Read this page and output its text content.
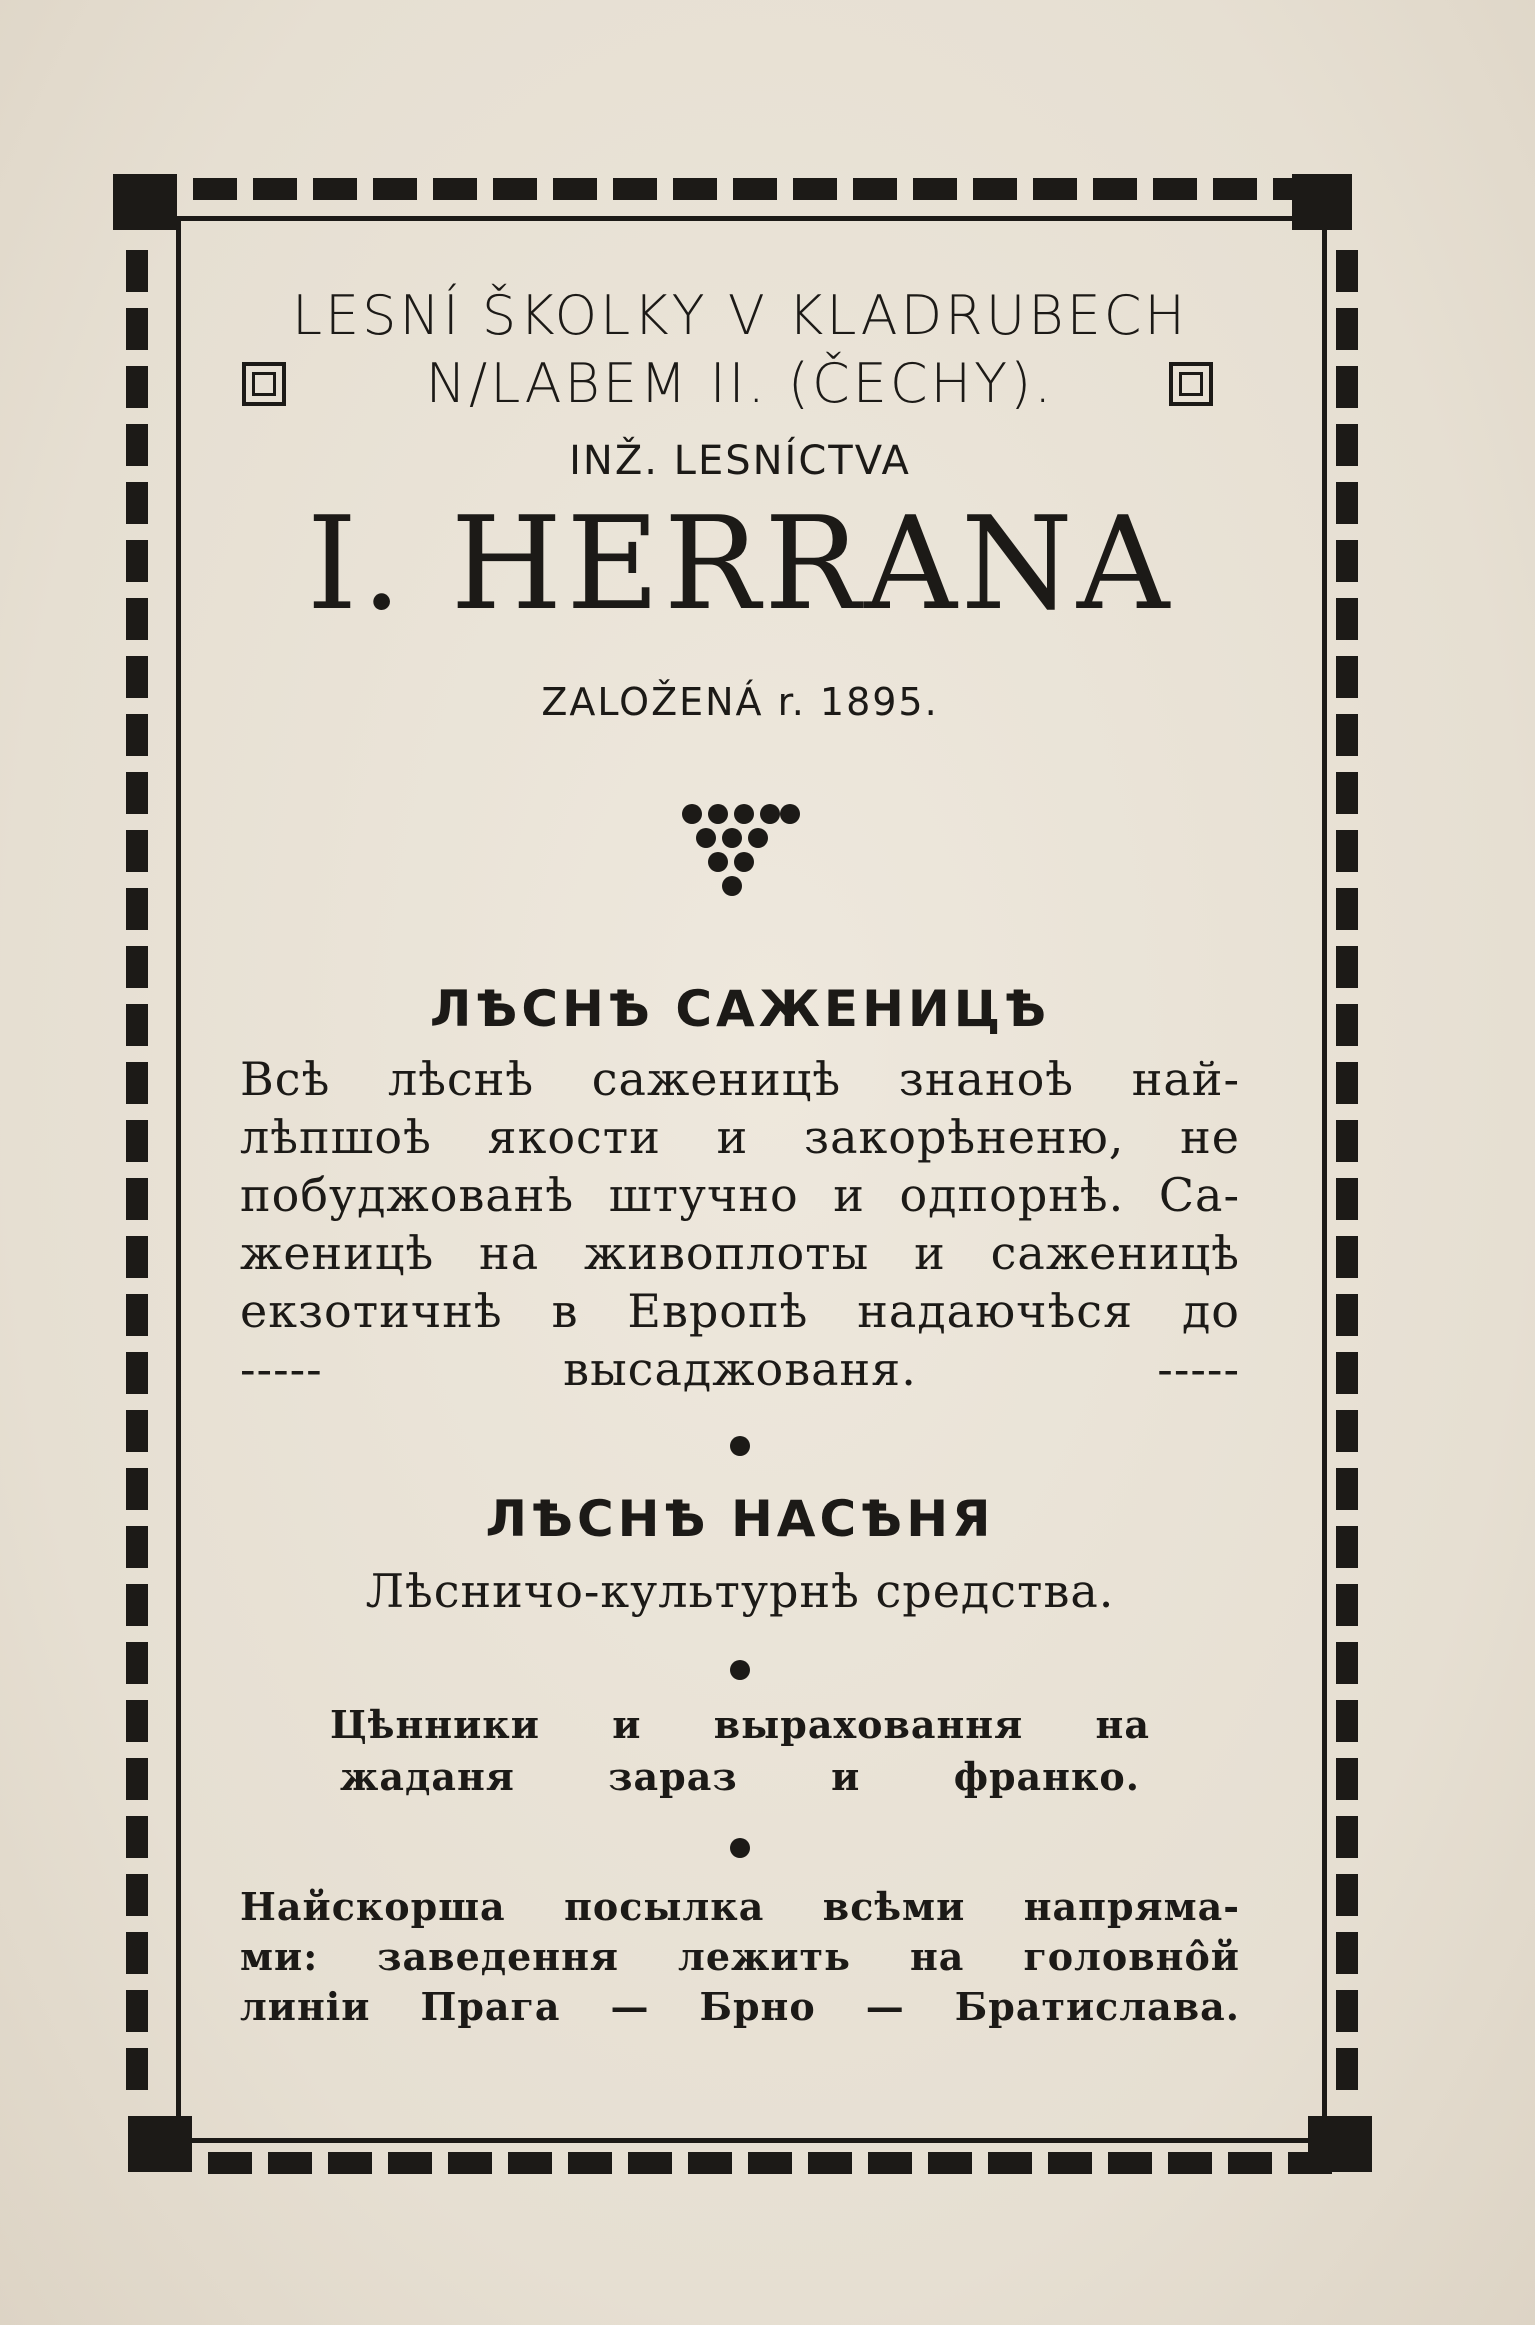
LESNÍ ŠKOLKY V KLADRUBECH
N/LABEM II. (ČECHY).
INŽ. LESNÍCTVA
I. HERRANA
ZALOŽENÁ r. 1895.
ЛѢСНѢ САЖЕНИЦѢ
Всѣ лѣснѣ саженицѣ знаноѣ най-
лѣпшоѣ якости и закорѣненю, не
побуджованѣ штучно и одпорнѣ. Са-
женицѣ на живоплоты и саженицѣ
екзотичнѣ в Европѣ надаючѣся до
-----	высаджованя.	-----
ЛѢСНѢ НАСѢНЯ
Лѣсничо-культурнѣ средства.
Цѣнники и выраховання на
жаданя зараз и франко.
Найскорша посылка всѣми напряма-
ми: заведення лежить на головнôй
линіи Прага — Брно — Братислава.
